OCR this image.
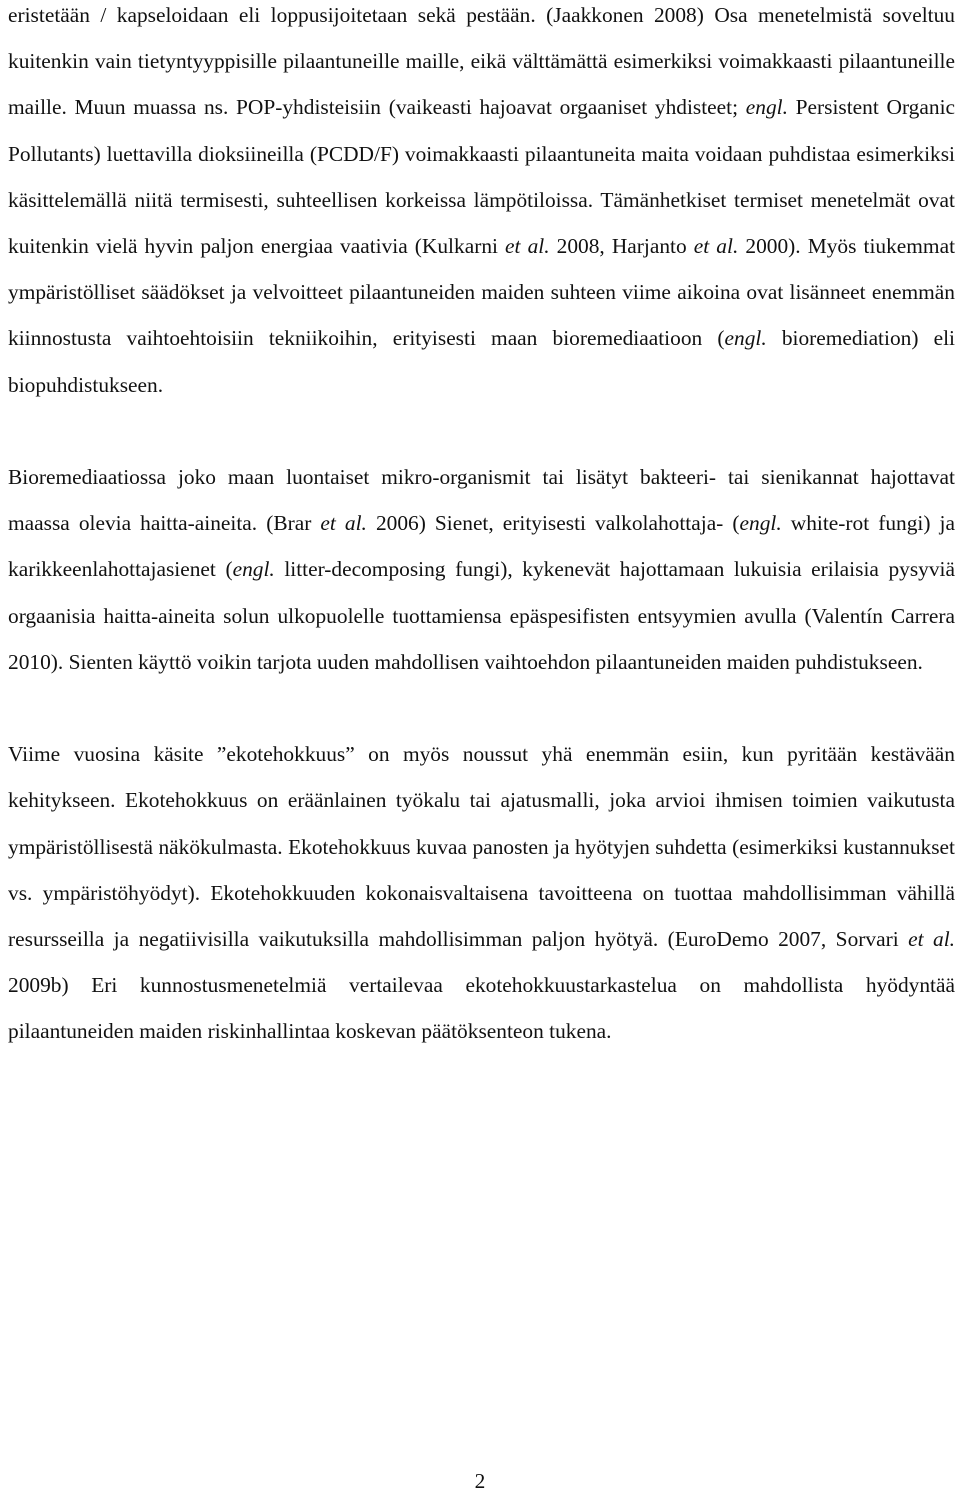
eristetään / kapseloidaan eli loppusijoitetaan sekä pestään. (Jaakkonen 2008) Osa menetelmistä soveltuu kuitenkin vain tietyntyyppisille pilaantuneille maille, eikä välttämättä esimerkiksi voimakkaasti pilaantuneille maille. Muun muassa ns. POP-yhdisteisiin (vaikeasti hajoavat orgaaniset yhdisteet; engl. Persistent Organic Pollutants) luettavilla dioksiineilla (PCDD/F) voimakkaasti pilaantuneita maita voidaan puhdistaa esimerkiksi käsittelemällä niitä termisesti, suhteellisen korkeissa lämpötiloissa. Tämänhetkiset termiset menetelmät ovat kuitenkin vielä hyvin paljon energiaa vaativia (Kulkarni et al. 2008, Harjanto et al. 2000). Myös tiukemmat ympäristölliset säädökset ja velvoitteet pilaantuneiden maiden suhteen viime aikoina ovat lisänneet enemmän kiinnostusta vaihtoehtoisiin tekniikoihin, erityisesti maan bioremediaatioon (engl. bioremediation) eli biopuhdistukseen.

Bioremediaatiossa joko maan luontaiset mikro-organismit tai lisätyt bakteeri- tai sienikannat hajottavat maassa olevia haitta-aineita. (Brar et al. 2006) Sienet, erityisesti valkolahottaja- (engl. white-rot fungi) ja karikkeenlahottajasienet (engl. litter-decomposing fungi), kykenevät hajottamaan lukuisia erilaisia pysyviä orgaanisia haitta-aineita solun ulkopuolelle tuottamiensa epäspesifisten entsyymien avulla (Valentín Carrera 2010). Sienten käyttö voikin tarjota uuden mahdollisen vaihtoehdon pilaantuneiden maiden puhdistukseen.

Viime vuosina käsite ”ekotehokkuus” on myös noussut yhä enemmän esiin, kun pyritään kestävään kehitykseen. Ekotehokkuus on eräänlainen työkalu tai ajatusmalli, joka arvioi ihmisen toimien vaikutusta ympäristöllisestä näkökulmasta. Ekotehokkuus kuvaa panosten ja hyötyjen suhdetta (esimerkiksi kustannukset vs. ympäristöhyödyt). Ekotehokkuuden kokonaisvaltaisena tavoitteena on tuottaa mahdollisimman vähillä resursseilla ja negatiivisilla vaikutuksilla mahdollisimman paljon hyötyä. (EuroDemo 2007, Sorvari et al. 2009b) Eri kunnostusmenetelmiä vertailevaa ekotehokkuustarkastelua on mahdollista hyödyntää pilaantuneiden maiden riskinhallintaa koskevan päätöksenteon tukena.

2
